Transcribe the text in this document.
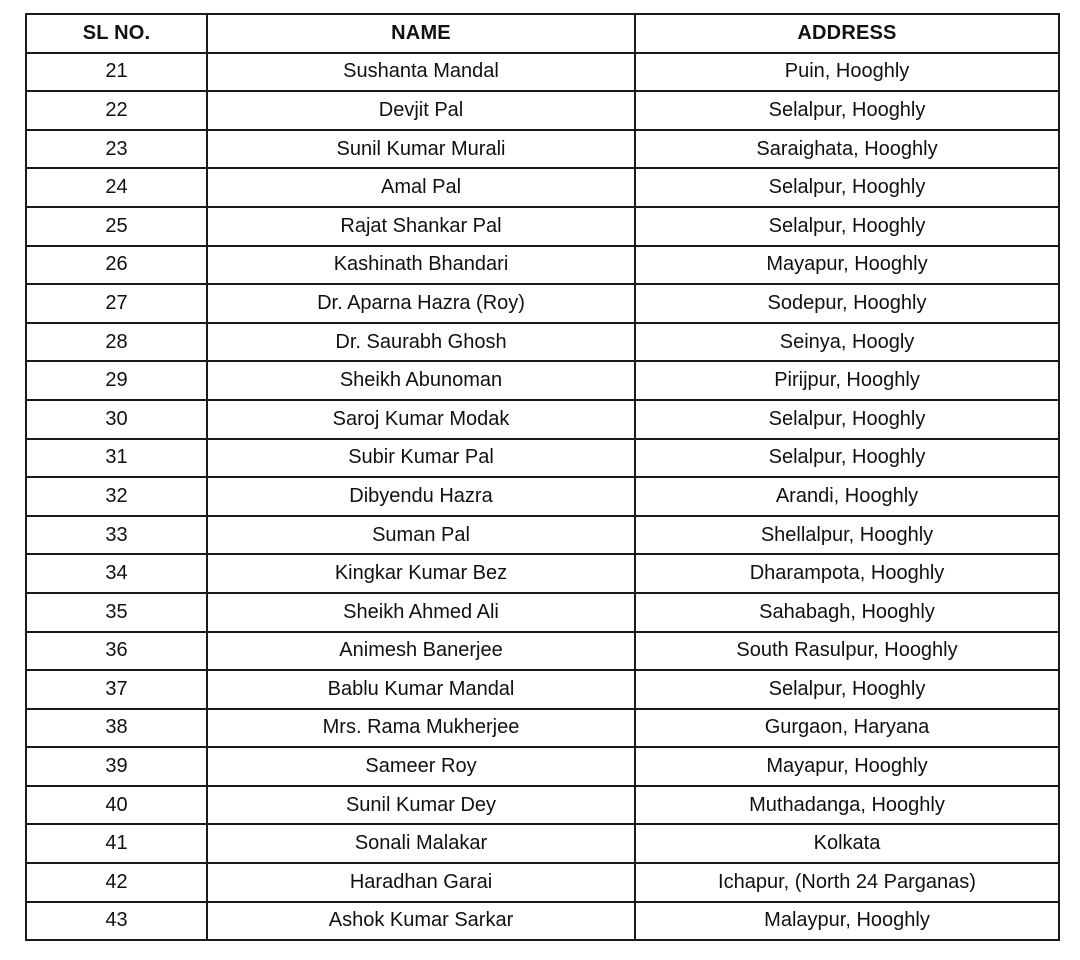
SL NO.	NAME	ADDRESS
21	Sushanta Mandal	Puin, Hooghly
22	Devjit Pal	Selalpur, Hooghly
23	Sunil Kumar Murali	Saraighata, Hooghly
24	Amal Pal	Selalpur, Hooghly
25	Rajat Shankar Pal	Selalpur, Hooghly
26	Kashinath Bhandari	Mayapur, Hooghly
27	Dr. Aparna Hazra (Roy)	Sodepur, Hooghly
28	Dr. Saurabh Ghosh	Seinya, Hoogly
29	Sheikh Abunoman	Pirijpur, Hooghly
30	Saroj Kumar Modak	Selalpur, Hooghly
31	Subir Kumar Pal	Selalpur, Hooghly
32	Dibyendu Hazra	Arandi, Hooghly
33	Suman Pal	Shellalpur, Hooghly
34	Kingkar Kumar Bez	Dharampota, Hooghly
35	Sheikh Ahmed Ali	Sahabagh, Hooghly
36	Animesh Banerjee	South Rasulpur, Hooghly
37	Bablu Kumar Mandal	Selalpur, Hooghly
38	Mrs. Rama Mukherjee	Gurgaon, Haryana
39	Sameer Roy	Mayapur, Hooghly
40	Sunil Kumar Dey	Muthadanga, Hooghly
41	Sonali Malakar	Kolkata
42	Haradhan Garai	Ichapur, (North 24 Parganas)
43	Ashok Kumar Sarkar	Malaypur, Hooghly
